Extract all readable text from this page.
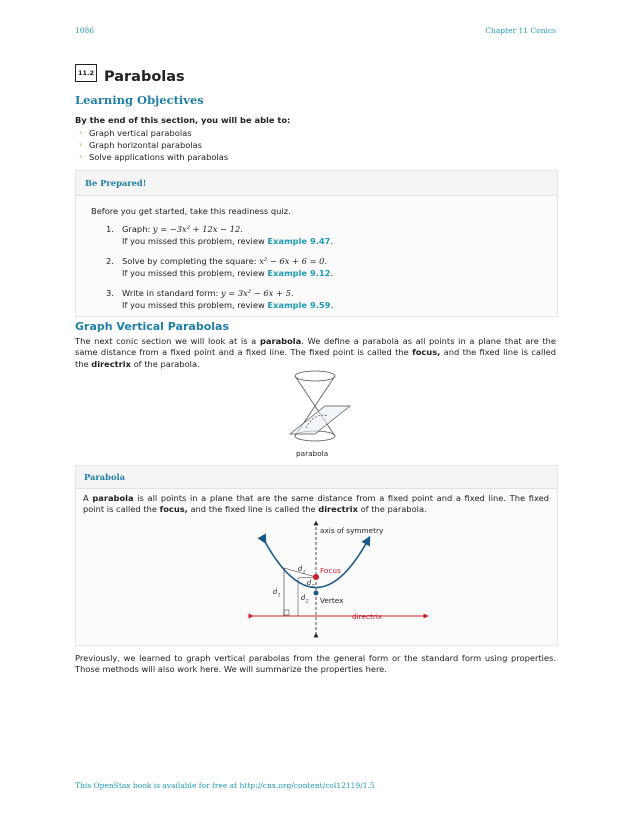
1086	Chapter 11 Conics
11.2 Parabolas
Learning Objectives
By the end of this section, you will be able to:
› Graph vertical parabolas
› Graph horizontal parabolas
› Solve applications with parabolas
Be Prepared!
Before you get started, take this readiness quiz.
1. Graph: y = −3x² + 12x − 12.
If you missed this problem, review Example 9.47.
2. Solve by completing the square: x² − 6x + 6 = 0.
If you missed this problem, review Example 9.12.
3. Write in standard form: y = 3x² − 6x + 5.
If you missed this problem, review Example 9.59.
Graph Vertical Parabolas
The next conic section we will look at is a parabola. We define a parabola as all points in a plane that are the same distance from a fixed point and a fixed line. The fixed point is called the focus, and the fixed line is called the directrix of the parabola.
parabola
Parabola
A parabola is all points in a plane that are the same distance from a fixed point and a fixed line. The fixed point is called the focus, and the fixed line is called the directrix of the parabola.
axis of symmetry
Focus
Vertex
directrix
$d_1$
$d_1$
$d_2$
$d_2$
Previously, we learned to graph vertical parabolas from the general form or the standard form using properties. Those methods will also work here. We will summarize the properties here.
This OpenStax book is available for free at http://cnx.org/content/col12119/1.5
